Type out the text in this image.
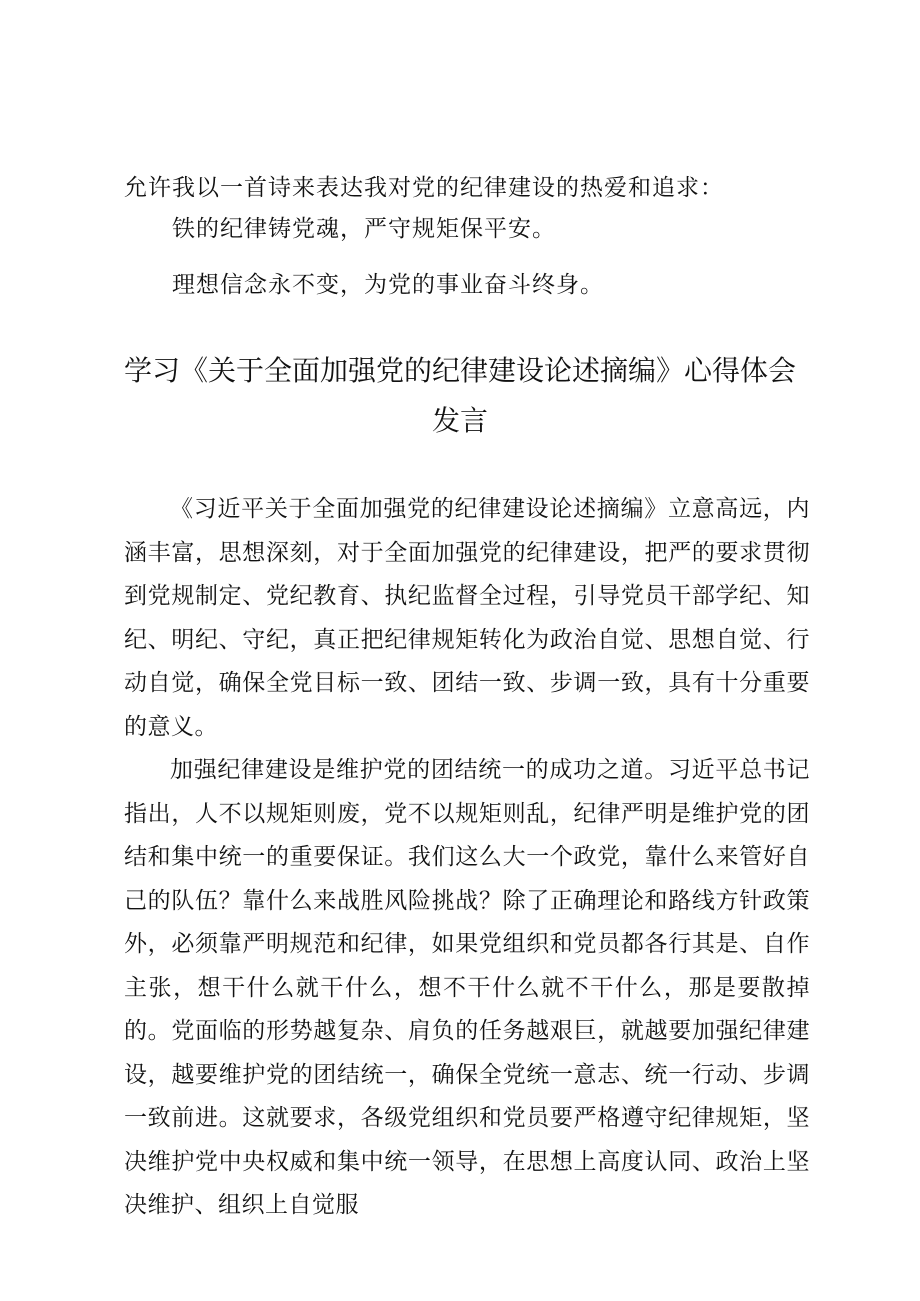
允许我以一首诗来表达我对党的纪律建设的热爱和追求：
铁的纪律铸党魂，严守规矩保平安。
理想信念永不变，为党的事业奋斗终身。
学习《关于全面加强党的纪律建设论述摘编》心得体会
发言

《习近平关于全面加强党的纪律建设论述摘编》立意高远，内涵丰富，思想深刻，对于全面加强党的纪律建设，把严的要求贯彻到党规制定、党纪教育、执纪监督全过程，引导党员干部学纪、知纪、明纪、守纪，真正把纪律规矩转化为政治自觉、思想自觉、行动自觉，确保全党目标一致、团结一致、步调一致，具有十分重要的意义。

加强纪律建设是维护党的团结统一的成功之道。习近平总书记指出，人不以规矩则废，党不以规矩则乱，纪律严明是维护党的团结和集中统一的重要保证。我们这么大一个政党，靠什么来管好自己的队伍？靠什么来战胜风险挑战？除了正确理论和路线方针政策外，必须靠严明规范和纪律，如果党组织和党员都各行其是、自作主张，想干什么就干什么，想不干什么就不干什么，那是要散掉的。党面临的形势越复杂、肩负的任务越艰巨，就越要加强纪律建设，越要维护党的团结统一，确保全党统一意志、统一行动、步调一致前进。这就要求，各级党组织和党员要严格遵守纪律规矩，坚决维护党中央权威和集中统一领导，在思想上高度认同、政治上坚决维护、组织上自觉服
